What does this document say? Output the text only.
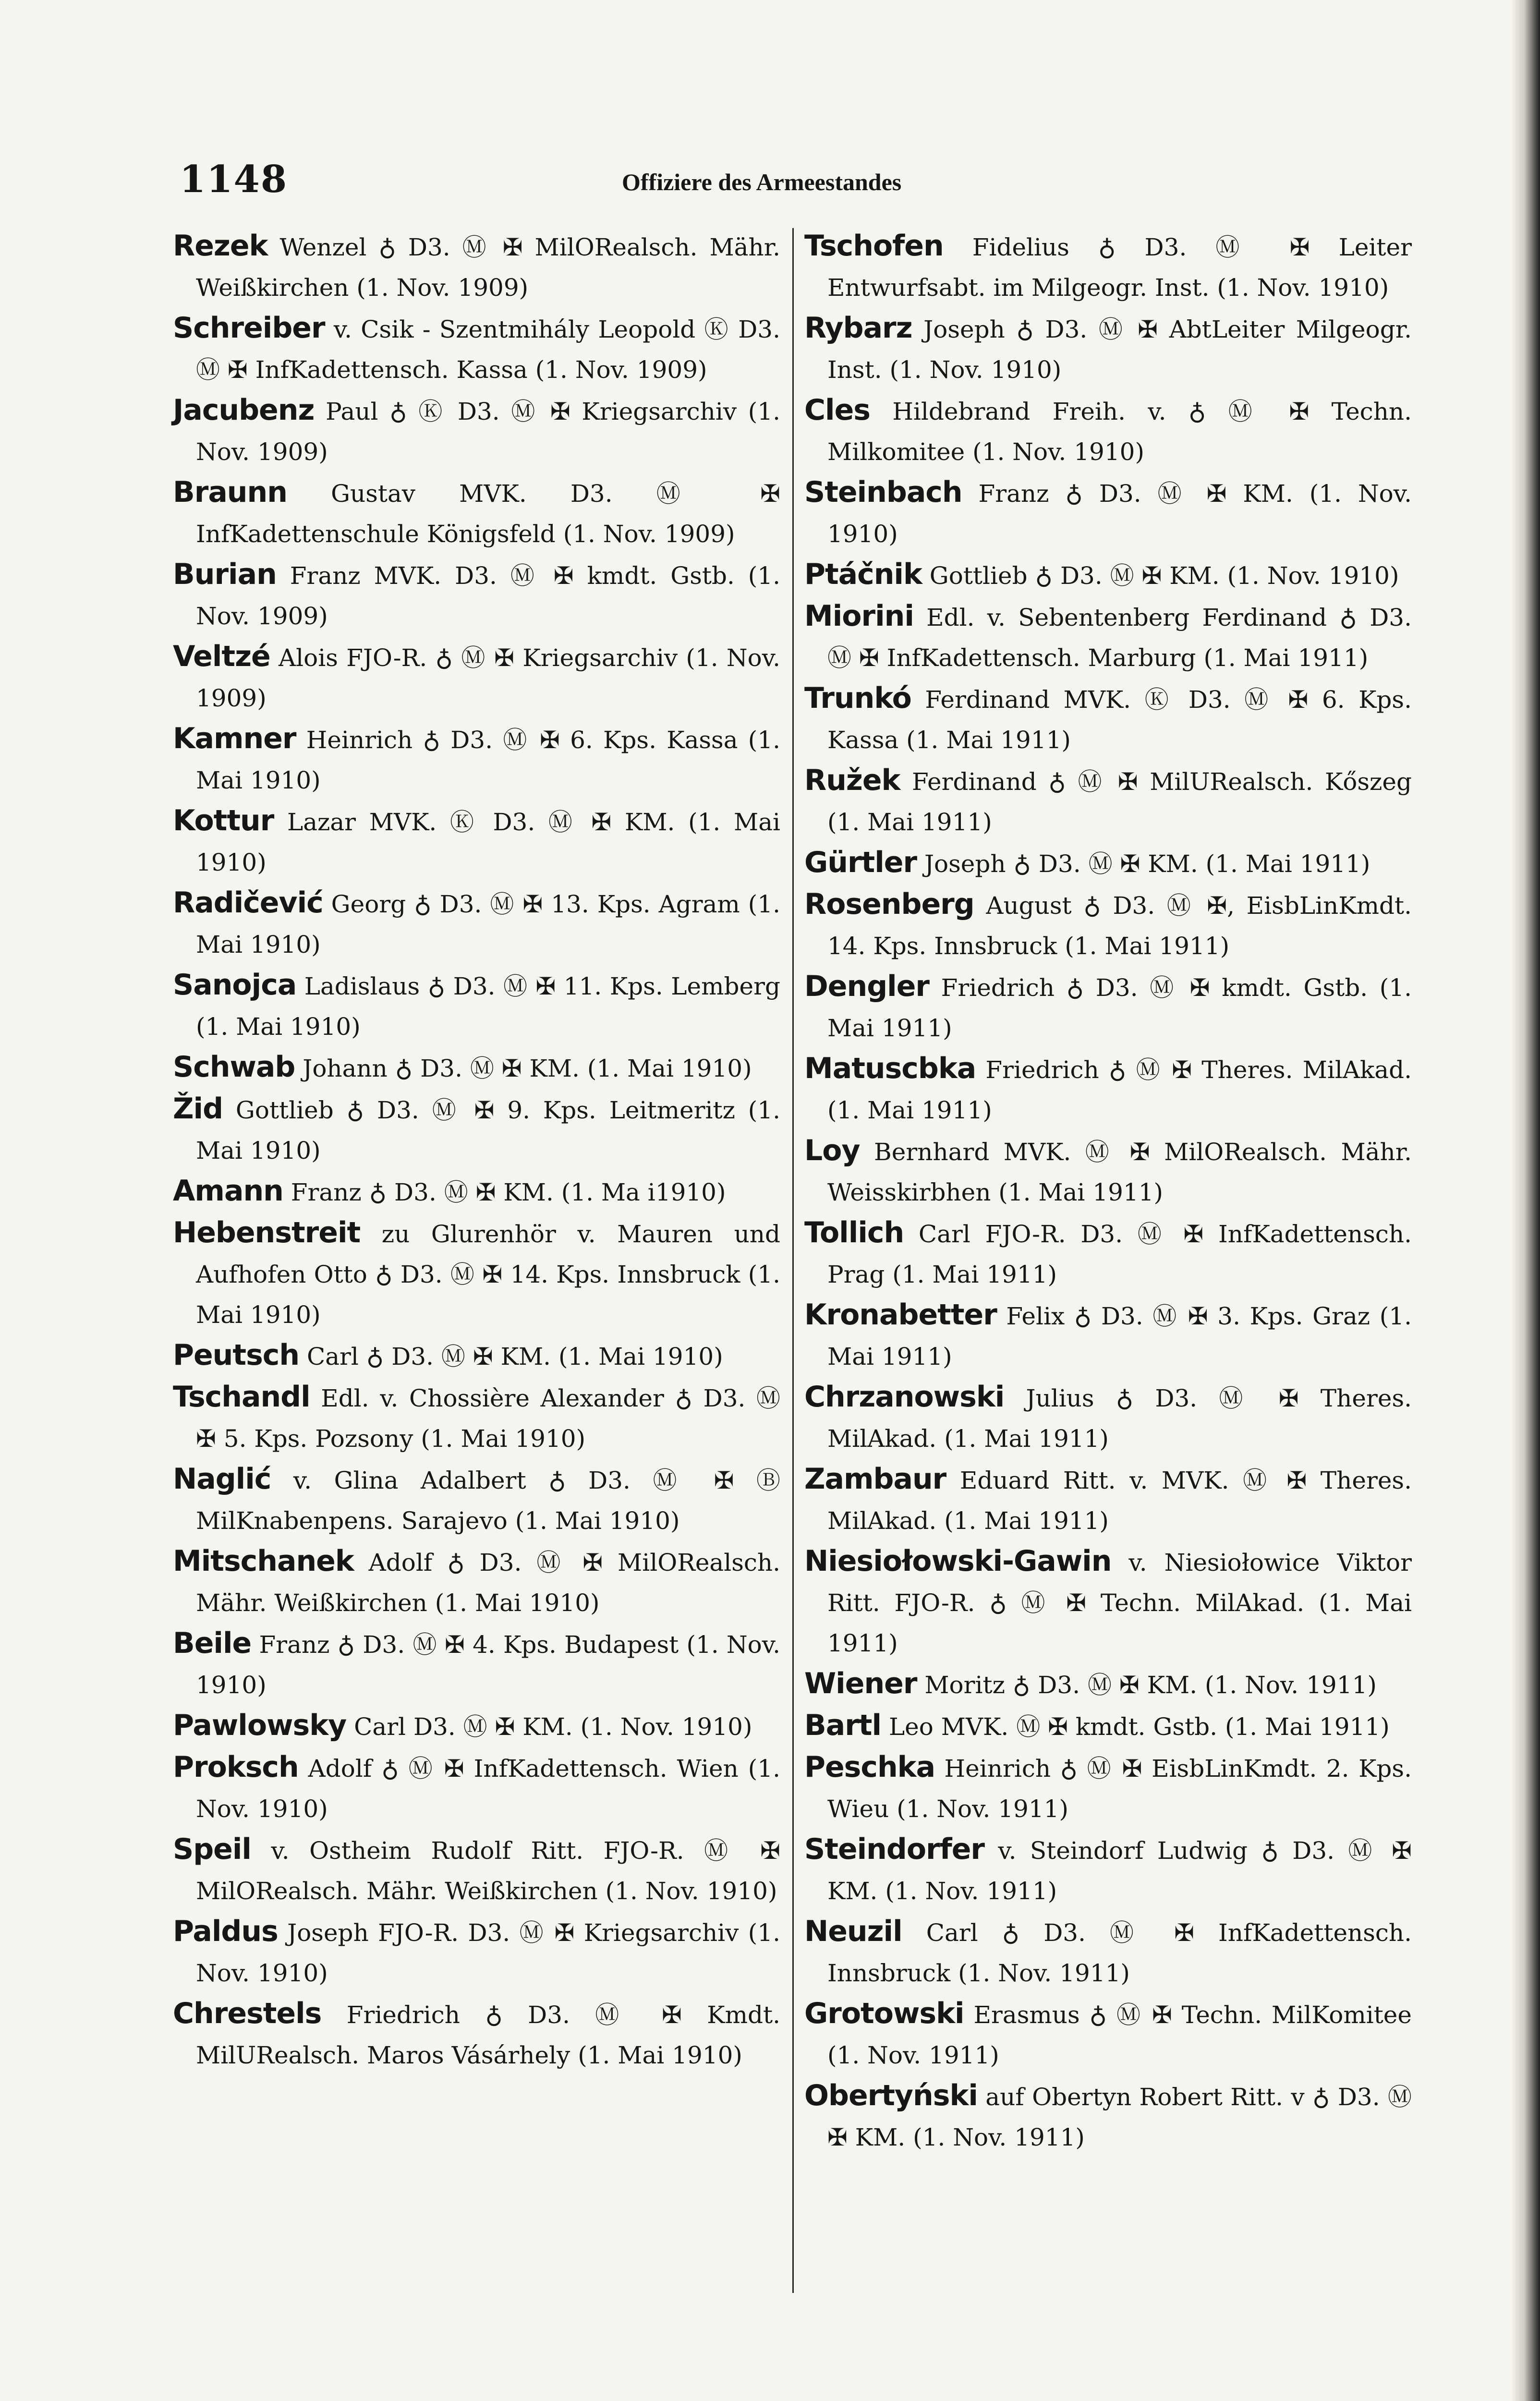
1148	Offiziere des Armeestandes

Rezek Wenzel ♁ D3. Ⓜ ✠ MilORealsch. Mähr. Weißkirchen (1. Nov. 1909)

Schreiber v. Csik - Szentmihály Leopold Ⓚ D3. Ⓜ ✠ InfKadettensch. Kassa (1. Nov. 1909)

Jacubenz Paul ♁ Ⓚ D3. Ⓜ ✠ Kriegsarchiv (1. Nov. 1909)

Braunn Gustav MVK. D3. Ⓜ ✠ InfKadettenschule Königsfeld (1. Nov. 1909)

Burian Franz MVK. D3. Ⓜ ✠ kmdt. Gstb. (1. Nov. 1909)

Veltzé Alois FJO-R. ♁ Ⓜ ✠ Kriegsarchiv (1. Nov. 1909)

Kamner Heinrich ♁ D3. Ⓜ ✠ 6. Kps. Kassa (1. Mai 1910)

Kottur Lazar MVK. Ⓚ D3. Ⓜ ✠ KM. (1. Mai 1910)

Radičević Georg ♁ D3. Ⓜ ✠ 13. Kps. Agram (1. Mai 1910)

Sanojca Ladislaus ♁ D3. Ⓜ ✠ 11. Kps. Lemberg (1. Mai 1910)

Schwab Johann ♁ D3. Ⓜ ✠ KM. (1. Mai 1910)

Žid Gottlieb ♁ D3. Ⓜ ✠ 9. Kps. Leitmeritz (1. Mai 1910)

Amann Franz ♁ D3. Ⓜ ✠ KM. (1. Ma i1910)

Hebenstreit zu Glurenhör v. Mauren und Aufhofen Otto ♁ D3. Ⓜ ✠ 14. Kps. Innsbruck (1. Mai 1910)

Peutsch Carl ♁ D3. Ⓜ ✠ KM. (1. Mai 1910)

Tschandl Edl. v. Chossière Alexander ♁ D3. Ⓜ ✠ 5. Kps. Pozsony (1. Mai 1910)

Naglić v. Glina Adalbert ♁ D3. Ⓜ ✠ Ⓑ MilKnabenpens. Sarajevo (1. Mai 1910)

Mitschanek Adolf ♁ D3. Ⓜ ✠ MilORealsch. Mähr. Weißkirchen (1. Mai 1910)

Beile Franz ♁ D3. Ⓜ ✠ 4. Kps. Budapest (1. Nov. 1910)

Pawlowsky Carl D3. Ⓜ ✠ KM. (1. Nov. 1910)

Proksch Adolf ♁ Ⓜ ✠ InfKadettensch. Wien (1. Nov. 1910)

Speil v. Ostheim Rudolf Ritt. FJO-R. Ⓜ ✠ MilORealsch. Mähr. Weißkirchen (1. Nov. 1910)

Paldus Joseph FJO-R. D3. Ⓜ ✠ Kriegsarchiv (1. Nov. 1910)

Chrestels Friedrich ♁ D3. Ⓜ ✠ Kmdt. MilURealsch. Maros Vásárhely (1. Mai 1910)

Tschofen Fidelius ♁ D3. Ⓜ ✠ Leiter Entwurfsabt. im Milgeogr. Inst. (1. Nov. 1910)

Rybarz Joseph ♁ D3. Ⓜ ✠ AbtLeiter Milgeogr. Inst. (1. Nov. 1910)

Cles Hildebrand Freih. v. ♁ Ⓜ ✠ Techn. Milkomitee (1. Nov. 1910)

Steinbach Franz ♁ D3. Ⓜ ✠ KM. (1. Nov. 1910)

Ptáčnik Gottlieb ♁ D3. Ⓜ ✠ KM. (1. Nov. 1910)

Miorini Edl. v. Sebentenberg Ferdinand ♁ D3. Ⓜ ✠ InfKadettensch. Marburg (1. Mai 1911)

Trunkó Ferdinand MVK. Ⓚ D3. Ⓜ ✠ 6. Kps. Kassa (1. Mai 1911)

Ružek Ferdinand ♁ Ⓜ ✠ MilURealsch. Kőszeg (1. Mai 1911)

Gürtler Joseph ♁ D3. Ⓜ ✠ KM. (1. Mai 1911)

Rosenberg August ♁ D3. Ⓜ ✠, EisbLinKmdt. 14. Kps. Innsbruck (1. Mai 1911)

Dengler Friedrich ♁ D3. Ⓜ ✠ kmdt. Gstb. (1. Mai 1911)

Matuscbka Friedrich ♁ Ⓜ ✠ Theres. MilAkad. (1. Mai 1911)

Loy Bernhard MVK. Ⓜ ✠ MilORealsch. Mähr. Weisskirbhen (1. Mai 1911)

Tollich Carl FJO-R. D3. Ⓜ ✠ InfKadettensch. Prag (1. Mai 1911)

Kronabetter Felix ♁ D3. Ⓜ ✠ 3. Kps. Graz (1. Mai 1911)

Chrzanowski Julius ♁ D3. Ⓜ ✠ Theres. MilAkad. (1. Mai 1911)

Zambaur Eduard Ritt. v. MVK. Ⓜ ✠ Theres. MilAkad. (1. Mai 1911)

Niesiołowski-Gawin v. Niesiołowice Viktor Ritt. FJO-R. ♁ Ⓜ ✠ Techn. MilAkad. (1. Mai 1911)

Wiener Moritz ♁ D3. Ⓜ ✠ KM. (1. Nov. 1911)

Bartl Leo MVK. Ⓜ ✠ kmdt. Gstb. (1. Mai 1911)

Peschka Heinrich ♁ Ⓜ ✠ EisbLinKmdt. 2. Kps. Wieu (1. Nov. 1911)

Steindorfer v. Steindorf Ludwig ♁ D3. Ⓜ ✠ KM. (1. Nov. 1911)

Neuzil Carl ♁ D3. Ⓜ ✠ InfKadettensch. Innsbruck (1. Nov. 1911)

Grotowski Erasmus ♁ Ⓜ ✠ Techn. MilKomitee (1. Nov. 1911)

Obertyński auf Obertyn Robert Ritt. v ♁ D3. Ⓜ ✠ KM. (1. Nov. 1911)
